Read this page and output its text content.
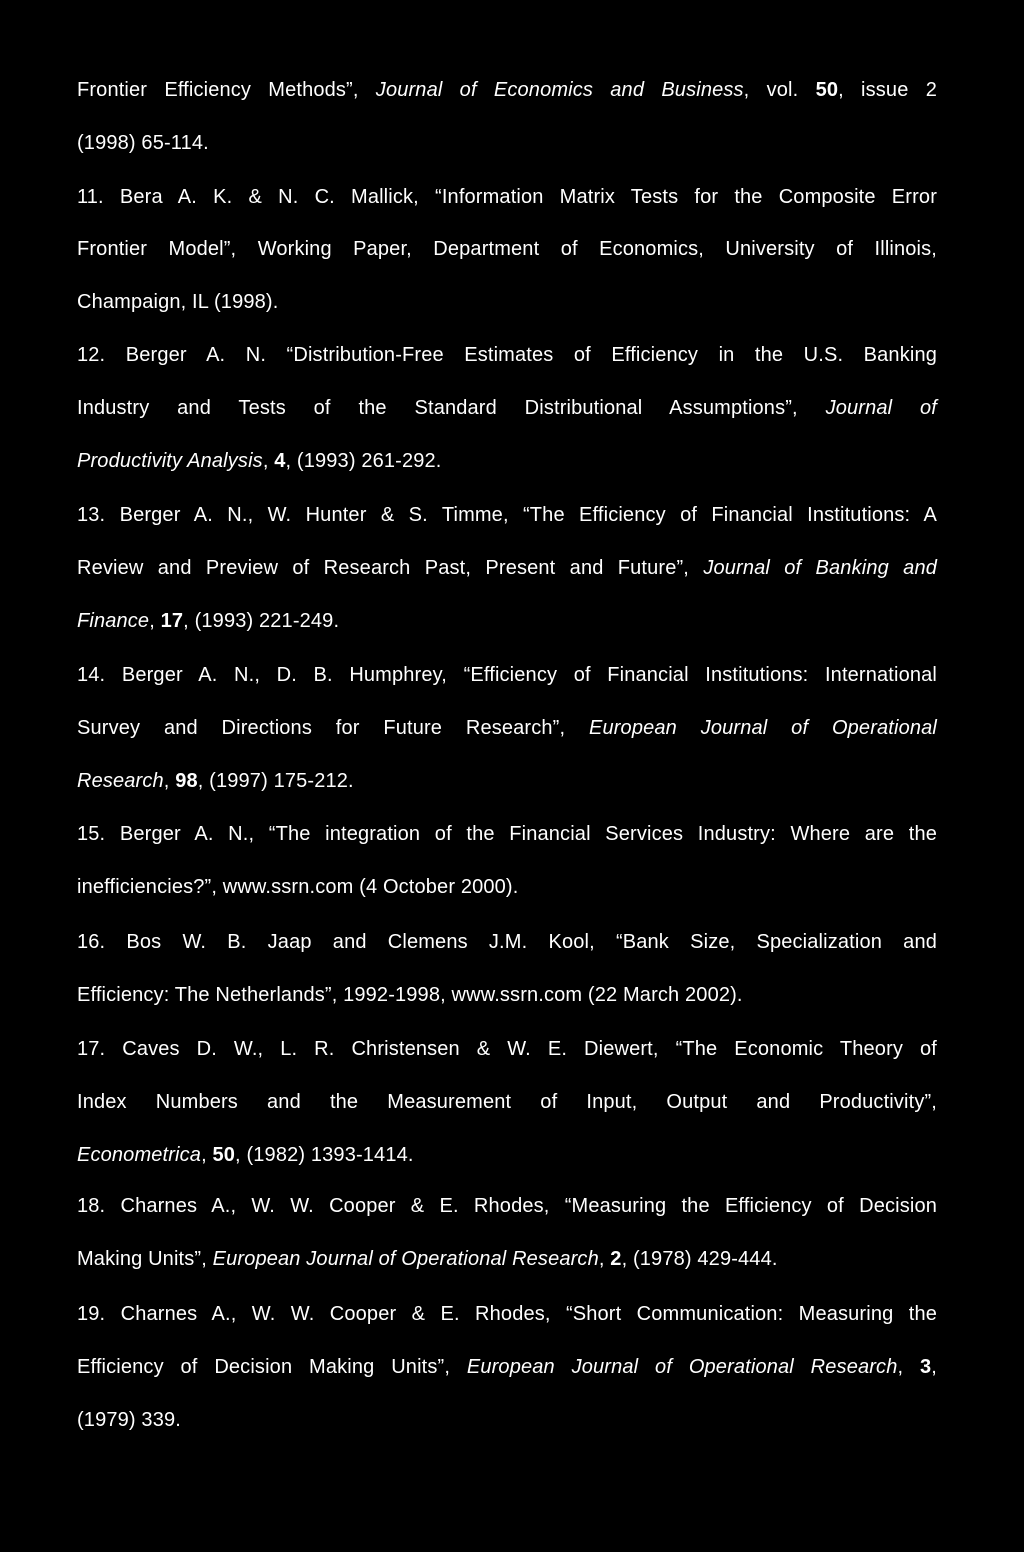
Frontier Efficiency Methods”, Journal of Economics and Business, vol. 50, issue 2
(1998) 65-114.
11. Bera A. K. & N. C. Mallick, “Information Matrix Tests for the Composite Error
Frontier Model”, Working Paper, Department of Economics, University of Illinois,
Champaign, IL (1998).
12. Berger A. N. “Distribution-Free Estimates of Efficiency in the U.S. Banking
Industry and Tests of the Standard Distributional Assumptions”, Journal of
Productivity Analysis, 4, (1993) 261-292.
13. Berger A. N., W. Hunter & S. Timme, “The Efficiency of Financial Institutions: A
Review and Preview of Research Past, Present and Future”, Journal of Banking and
Finance, 17, (1993) 221-249.
14. Berger A. N., D. B. Humphrey, “Efficiency of Financial Institutions: International
Survey and Directions for Future Research”, European Journal of Operational
Research, 98, (1997) 175-212.
15. Berger A. N., “The integration of the Financial Services Industry: Where are the
inefficiencies?”, www.ssrn.com (4 October 2000).
16. Bos W. B. Jaap and Clemens J.M. Kool, “Bank Size, Specialization and
Efficiency: The Netherlands”, 1992-1998, www.ssrn.com (22 March 2002).
17. Caves D. W., L. R. Christensen & W. E. Diewert, “The Economic Theory of
Index Numbers and the Measurement of Input, Output and Productivity”,
Econometrica, 50, (1982) 1393-1414.
18. Charnes A., W. W. Cooper & E. Rhodes, “Measuring the Efficiency of Decision
Making Units”, European Journal of Operational Research, 2, (1978) 429-444.
19. Charnes A., W. W. Cooper & E. Rhodes, “Short Communication: Measuring the
Efficiency of Decision Making Units”, European Journal of Operational Research, 3,
(1979) 339.
